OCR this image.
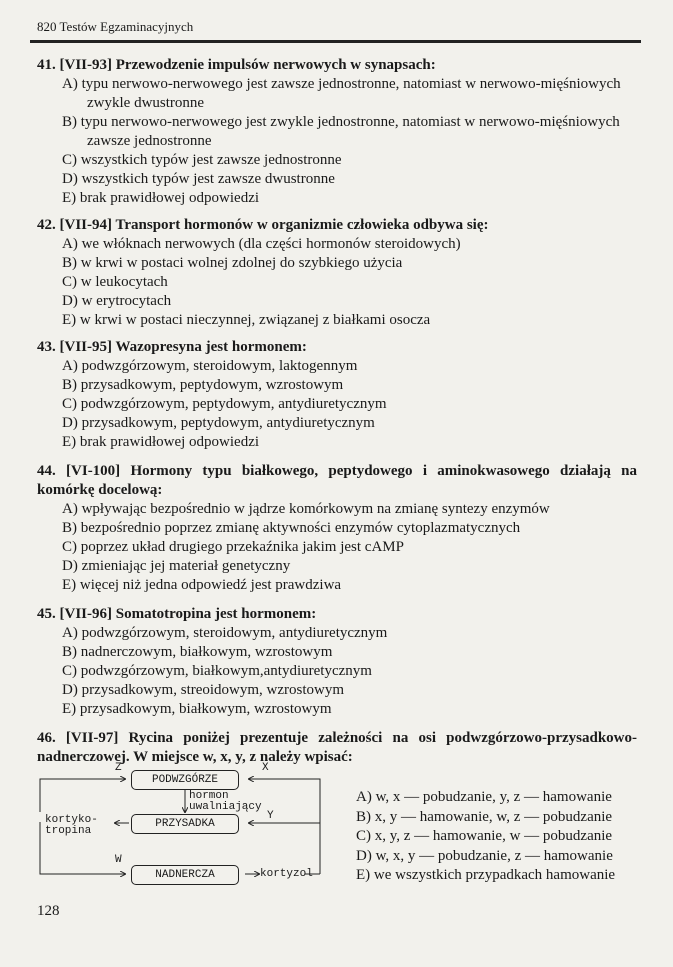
820 Testów Egzaminacyjnych
41. [VII-93] Przewodzenie impulsów nerwowych w synapsach:
A) typu nerwowo-nerwowego jest zawsze jednostronne, natomiast w nerwowo-mięśniowych zwykle dwustronne
B) typu nerwowo-nerwowego jest zwykle jednostronne, natomiast w nerwowo-mięśniowych zawsze jednostronne
C) wszystkich typów jest zawsze jednostronne
D) wszystkich typów jest zawsze dwustronne
E) brak prawidłowej odpowiedzi
42. [VII-94] Transport hormonów w organizmie człowieka odbywa się:
A) we włóknach nerwowych (dla części hormonów steroidowych)
B) w krwi w postaci wolnej zdolnej do szybkiego użycia
C) w leukocytach
D) w erytrocytach
E) w krwi w postaci nieczynnej, związanej z białkami osocza
43. [VII-95] Wazopresyna jest hormonem:
A) podwzgórzowym, steroidowym, laktogennym
B) przysadkowym, peptydowym, wzrostowym
C) podwzgórzowym, peptydowym, antydiuretycznym
D) przysadkowym, peptydowym, antydiuretycznym
E) brak prawidłowej odpowiedzi
44. [VI-100] Hormony typu białkowego, peptydowego i aminokwasowego działają na komórkę docelową:
A) wpływając bezpośrednio w jądrze komórkowym na zmianę syntezy enzymów
B) bezpośrednio poprzez zmianę aktywności enzymów cytoplazmatycznych
C) poprzez układ drugiego przekaźnika jakim jest cAMP
D) zmieniając jej materiał genetyczny
E) więcej niż jedna odpowiedź jest prawdziwa
45. [VII-96] Somatotropina jest hormonem:
A) podwzgórzowym, steroidowym, antydiuretycznym
B) nadnerczowym, białkowym, wzrostowym
C) podwzgórzowym, białkowym,antydiuretycznym
D) przysadkowym, streoidowym, wzrostowym
E) przysadkowym, białkowym, wzrostowym
46. [VII-97] Rycina poniżej prezentuje zależności na osi podwzgórzowo-przysadkowo-nadnerczowej. W miejsce w, x, y, z należy wpisać:
PODWZGÓRZE
PRZYSADKA
NADNERCZA
Z	X
Y
W
hormon
uwalniający
kortyko-
tropina
kortyzol
A) w, x — pobudzanie, y, z — hamowanie
B) x, y — hamowanie, w, z — pobudzanie
C) x, y, z — hamowanie, w — pobudzanie
D) w, x, y — pobudzanie, z — hamowanie
E) we wszystkich przypadkach hamowanie
128
